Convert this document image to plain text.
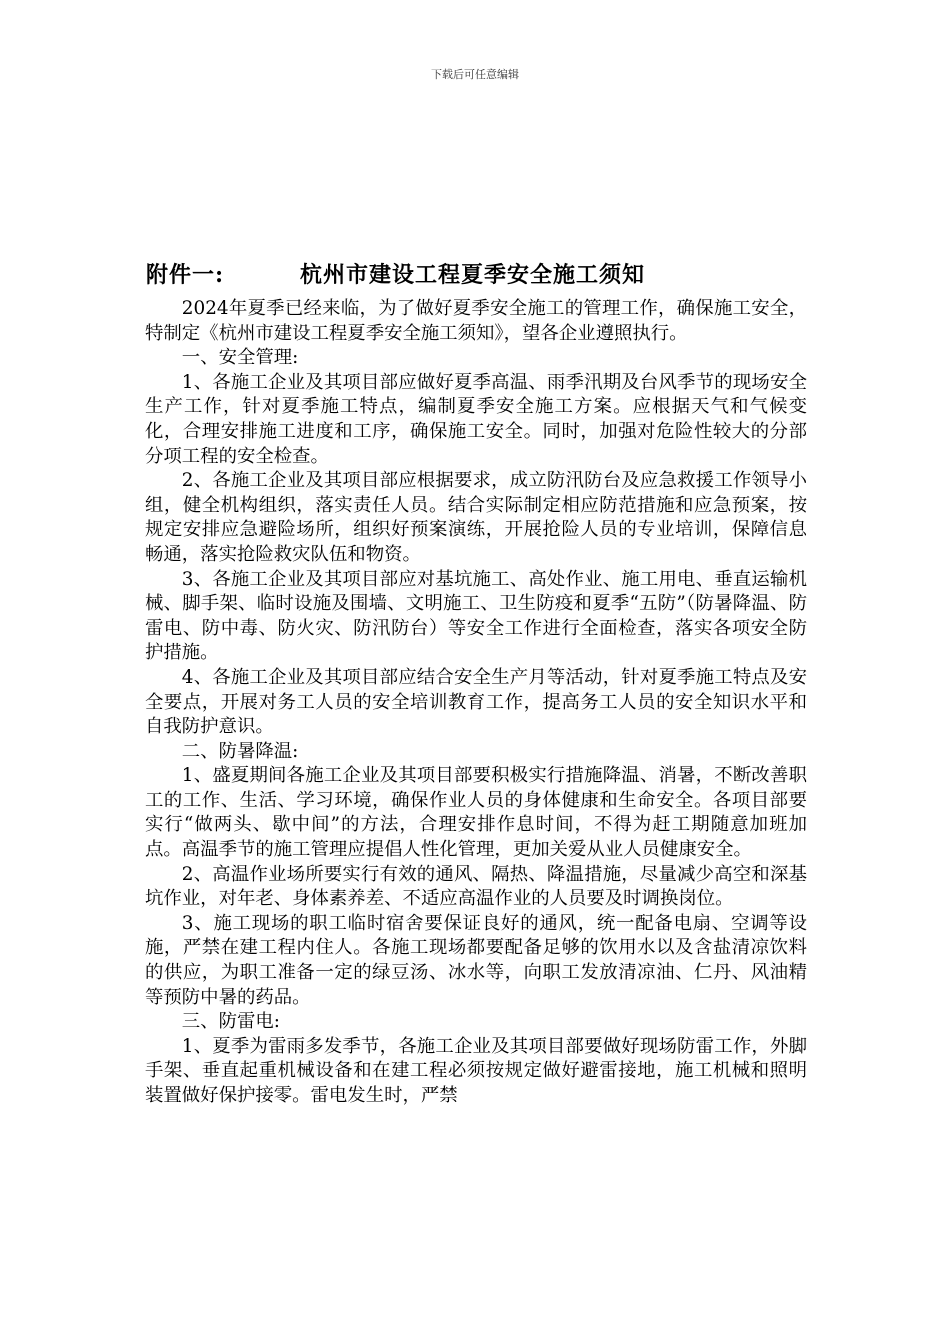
下载后可任意编辑
附件一:	杭州市建设工程夏季安全施工须知

2024年夏季已经来临，为了做好夏季安全施工的管理工作，确保施工安全，特制定《杭州市建设工程夏季安全施工须知》，望各企业遵照执行。

一、安全管理:

1、各施工企业及其项目部应做好夏季高温、雨季汛期及台风季节的现场安全生产工作，针对夏季施工特点，编制夏季安全施工方案。应根据天气和气候变化，合理安排施工进度和工序，确保施工安全。同时，加强对危险性较大的分部分项工程的安全检查。

2、各施工企业及其项目部应根据要求，成立防汛防台及应急救援工作领导小组，健全机构组织，落实责任人员。结合实际制定相应防范措施和应急预案，按规定安排应急避险场所，组织好预案演练，开展抢险人员的专业培训，保障信息畅通，落实抢险救灾队伍和物资。

3、各施工企业及其项目部应对基坑施工、高处作业、施工用电、垂直运输机械、脚手架、临时设施及围墙、文明施工、卫生防疫和夏季“五防”（防暑降温、防雷电、防中毒、防火灾、防汛防台）等安全工作进行全面检查，落实各项安全防护措施。

4、各施工企业及其项目部应结合安全生产月等活动，针对夏季施工特点及安全要点，开展对务工人员的安全培训教育工作，提高务工人员的安全知识水平和自我防护意识。

二、防暑降温:

1、盛夏期间各施工企业及其项目部要积极实行措施降温、消暑，不断改善职工的工作、生活、学习环境，确保作业人员的身体健康和生命安全。各项目部要实行“做两头、歇中间”的方法，合理安排作息时间，不得为赶工期随意加班加点。高温季节的施工管理应提倡人性化管理，更加关爱从业人员健康安全。

2、高温作业场所要实行有效的通风、隔热、降温措施，尽量减少高空和深基坑作业，对年老、身体素养差、不适应高温作业的人员要及时调换岗位。

3、施工现场的职工临时宿舍要保证良好的通风，统一配备电扇、空调等设施，严禁在建工程内住人。各施工现场都要配备足够的饮用水以及含盐清凉饮料的供应，为职工准备一定的绿豆汤、冰水等，向职工发放清凉油、仁丹、风油精等预防中暑的药品。

三、防雷电:

1、夏季为雷雨多发季节，各施工企业及其项目部要做好现场防雷工作，外脚手架、垂直起重机械设备和在建工程必须按规定做好避雷接地，施工机械和照明装置做好保护接零。雷电发生时，严禁
